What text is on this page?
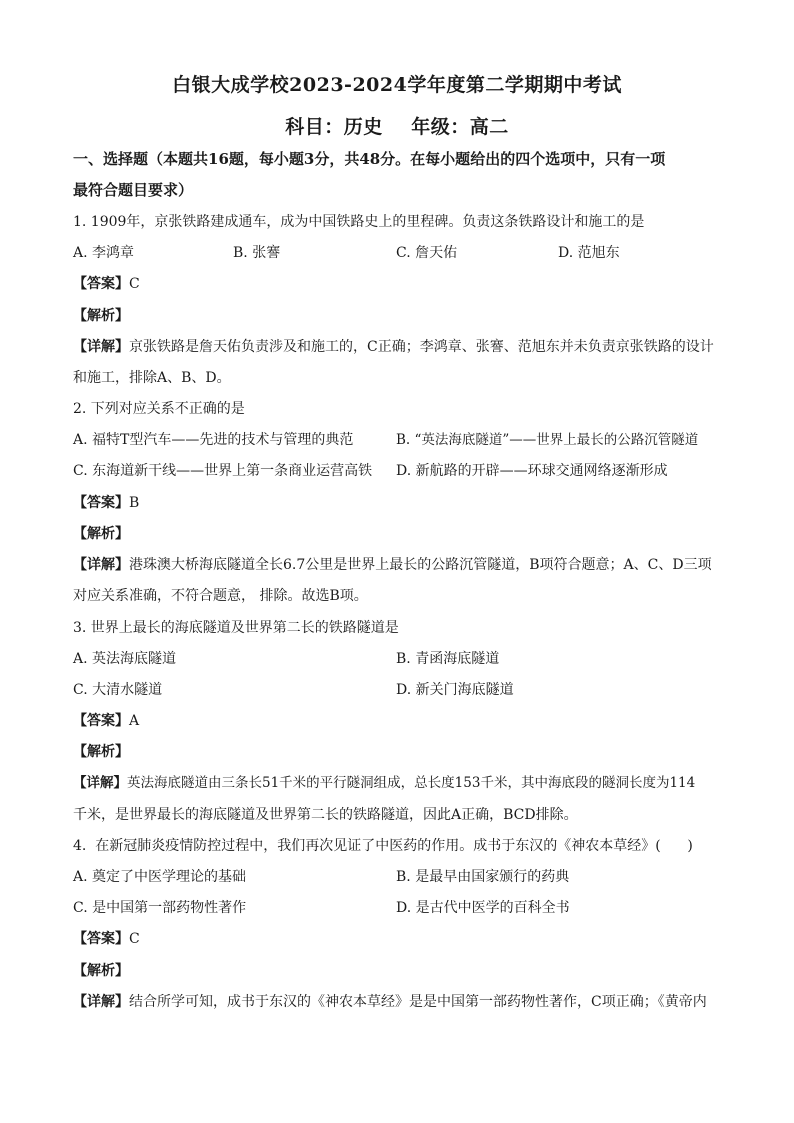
白银大成学校2023-2024学年度第二学期期中考试
科目：历史    年级：高二
一、选择题（本题共16题，每小题3分，共48分。在每小题给出的四个选项中，只有一项
最符合题目要求）
1. 1909年，京张铁路建成通车，成为中国铁路史上的里程碑。负责这条铁路设计和施工的是
A. 李鸿章	B. 张謇	C. 詹天佑	D. 范旭东
【答案】C
【解析】
【详解】京张铁路是詹天佑负责涉及和施工的，C正确；李鸿章、张謇、范旭东并未负责京张铁路的设计
和施工，排除A、B、D。
2. 下列对应关系不正确的是
A. 福特T型汽车——先进的技术与管理的典范	B. “英法海底隧道”——世界上最长的公路沉管隧道
C. 东海道新干线——世界上第一条商业运营高铁 D. 新航路的开辟——环球交通网络逐渐形成
【答案】B
【解析】
【详解】港珠澳大桥海底隧道全长6.7公里是世界上最长的公路沉管隧道，B项符合题意；A、C、D三项
对应关系准确，不符合题意， 排除。故选B项。
3. 世界上最长的海底隧道及世界第二长的铁路隧道是
A. 英法海底隧道	B. 青函海底隧道
C. 大清水隧道	D. 新关门海底隧道
【答案】A
【解析】
【详解】英法海底隧道由三条长51千米的平行隧洞组成，总长度153千米，其中海底段的隧洞长度为114
千米，是世界最长的海底隧道及世界第二长的铁路隧道，因此A正确，BCD排除。
4.  在新冠肺炎疫情防控过程中，我们再次见证了中医药的作用。成书于东汉的《神农本草经》(      )
A. 奠定了中医学理论的基础	B. 是最早由国家颁行的药典
C. 是中国第一部药物性著作	D. 是古代中医学的百科全书
【答案】C
【解析】
【详解】结合所学可知，成书于东汉的《神农本草经》是是中国第一部药物性著作，C项正确；《黄帝内
